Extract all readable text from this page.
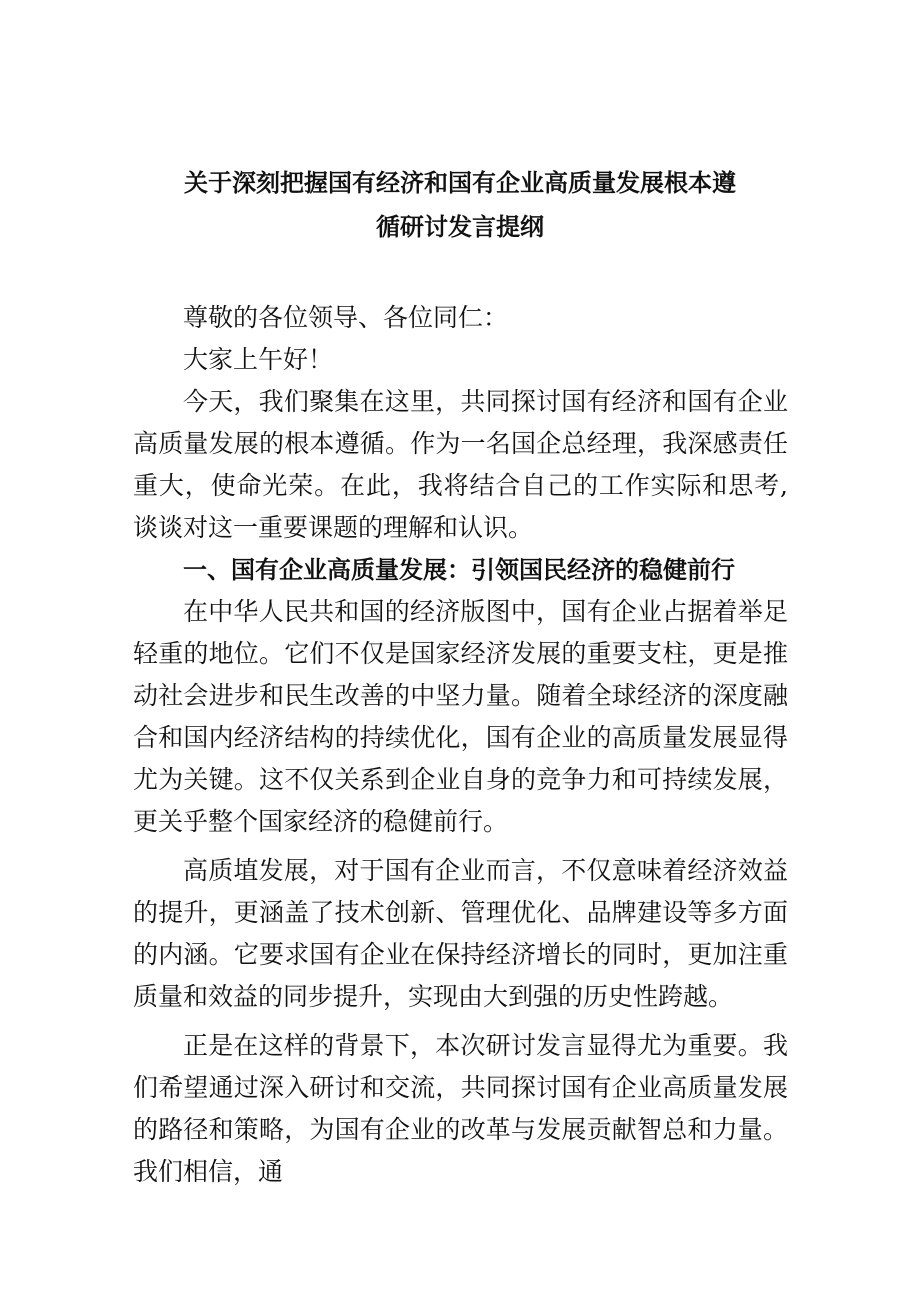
关于深刻把握国有经济和国有企业高质量发展根本遵
循研讨发言提纲

尊敬的各位领导、各位同仁：

大家上午好！

今天，我们聚集在这里，共同探讨国有经济和国有企业高质量发展的根本遵循。作为一名国企总经理，我深感责任重大，使命光荣。在此，我将结合自己的工作实际和思考,谈谈对这一重要课题的理解和认识。

一、国有企业高质量发展：引领国民经济的稳健前行

在中华人民共和国的经济版图中，国有企业占据着举足轻重的地位。它们不仅是国家经济发展的重要支柱，更是推动社会进步和民生改善的中坚力量。随着全球经济的深度融合和国内经济结构的持续优化，国有企业的高质量发展显得尤为关键。这不仅关系到企业自身的竞争力和可持续发展，更关乎整个国家经济的稳健前行。

高质埴发展，对于国有企业而言，不仅意味着经济效益的提升，更涵盖了技术创新、管理优化、品牌建设等多方面的内涵。它要求国有企业在保持经济增长的同时，更加注重质量和效益的同步提升，实现由大到强的历史性跨越。

正是在这样的背景下，本次研讨发言显得尤为重要。我们希望通过深入研讨和交流，共同探讨国有企业高质量发展的路径和策略，为国有企业的改革与发展贡献智总和力量。我们相信，通
